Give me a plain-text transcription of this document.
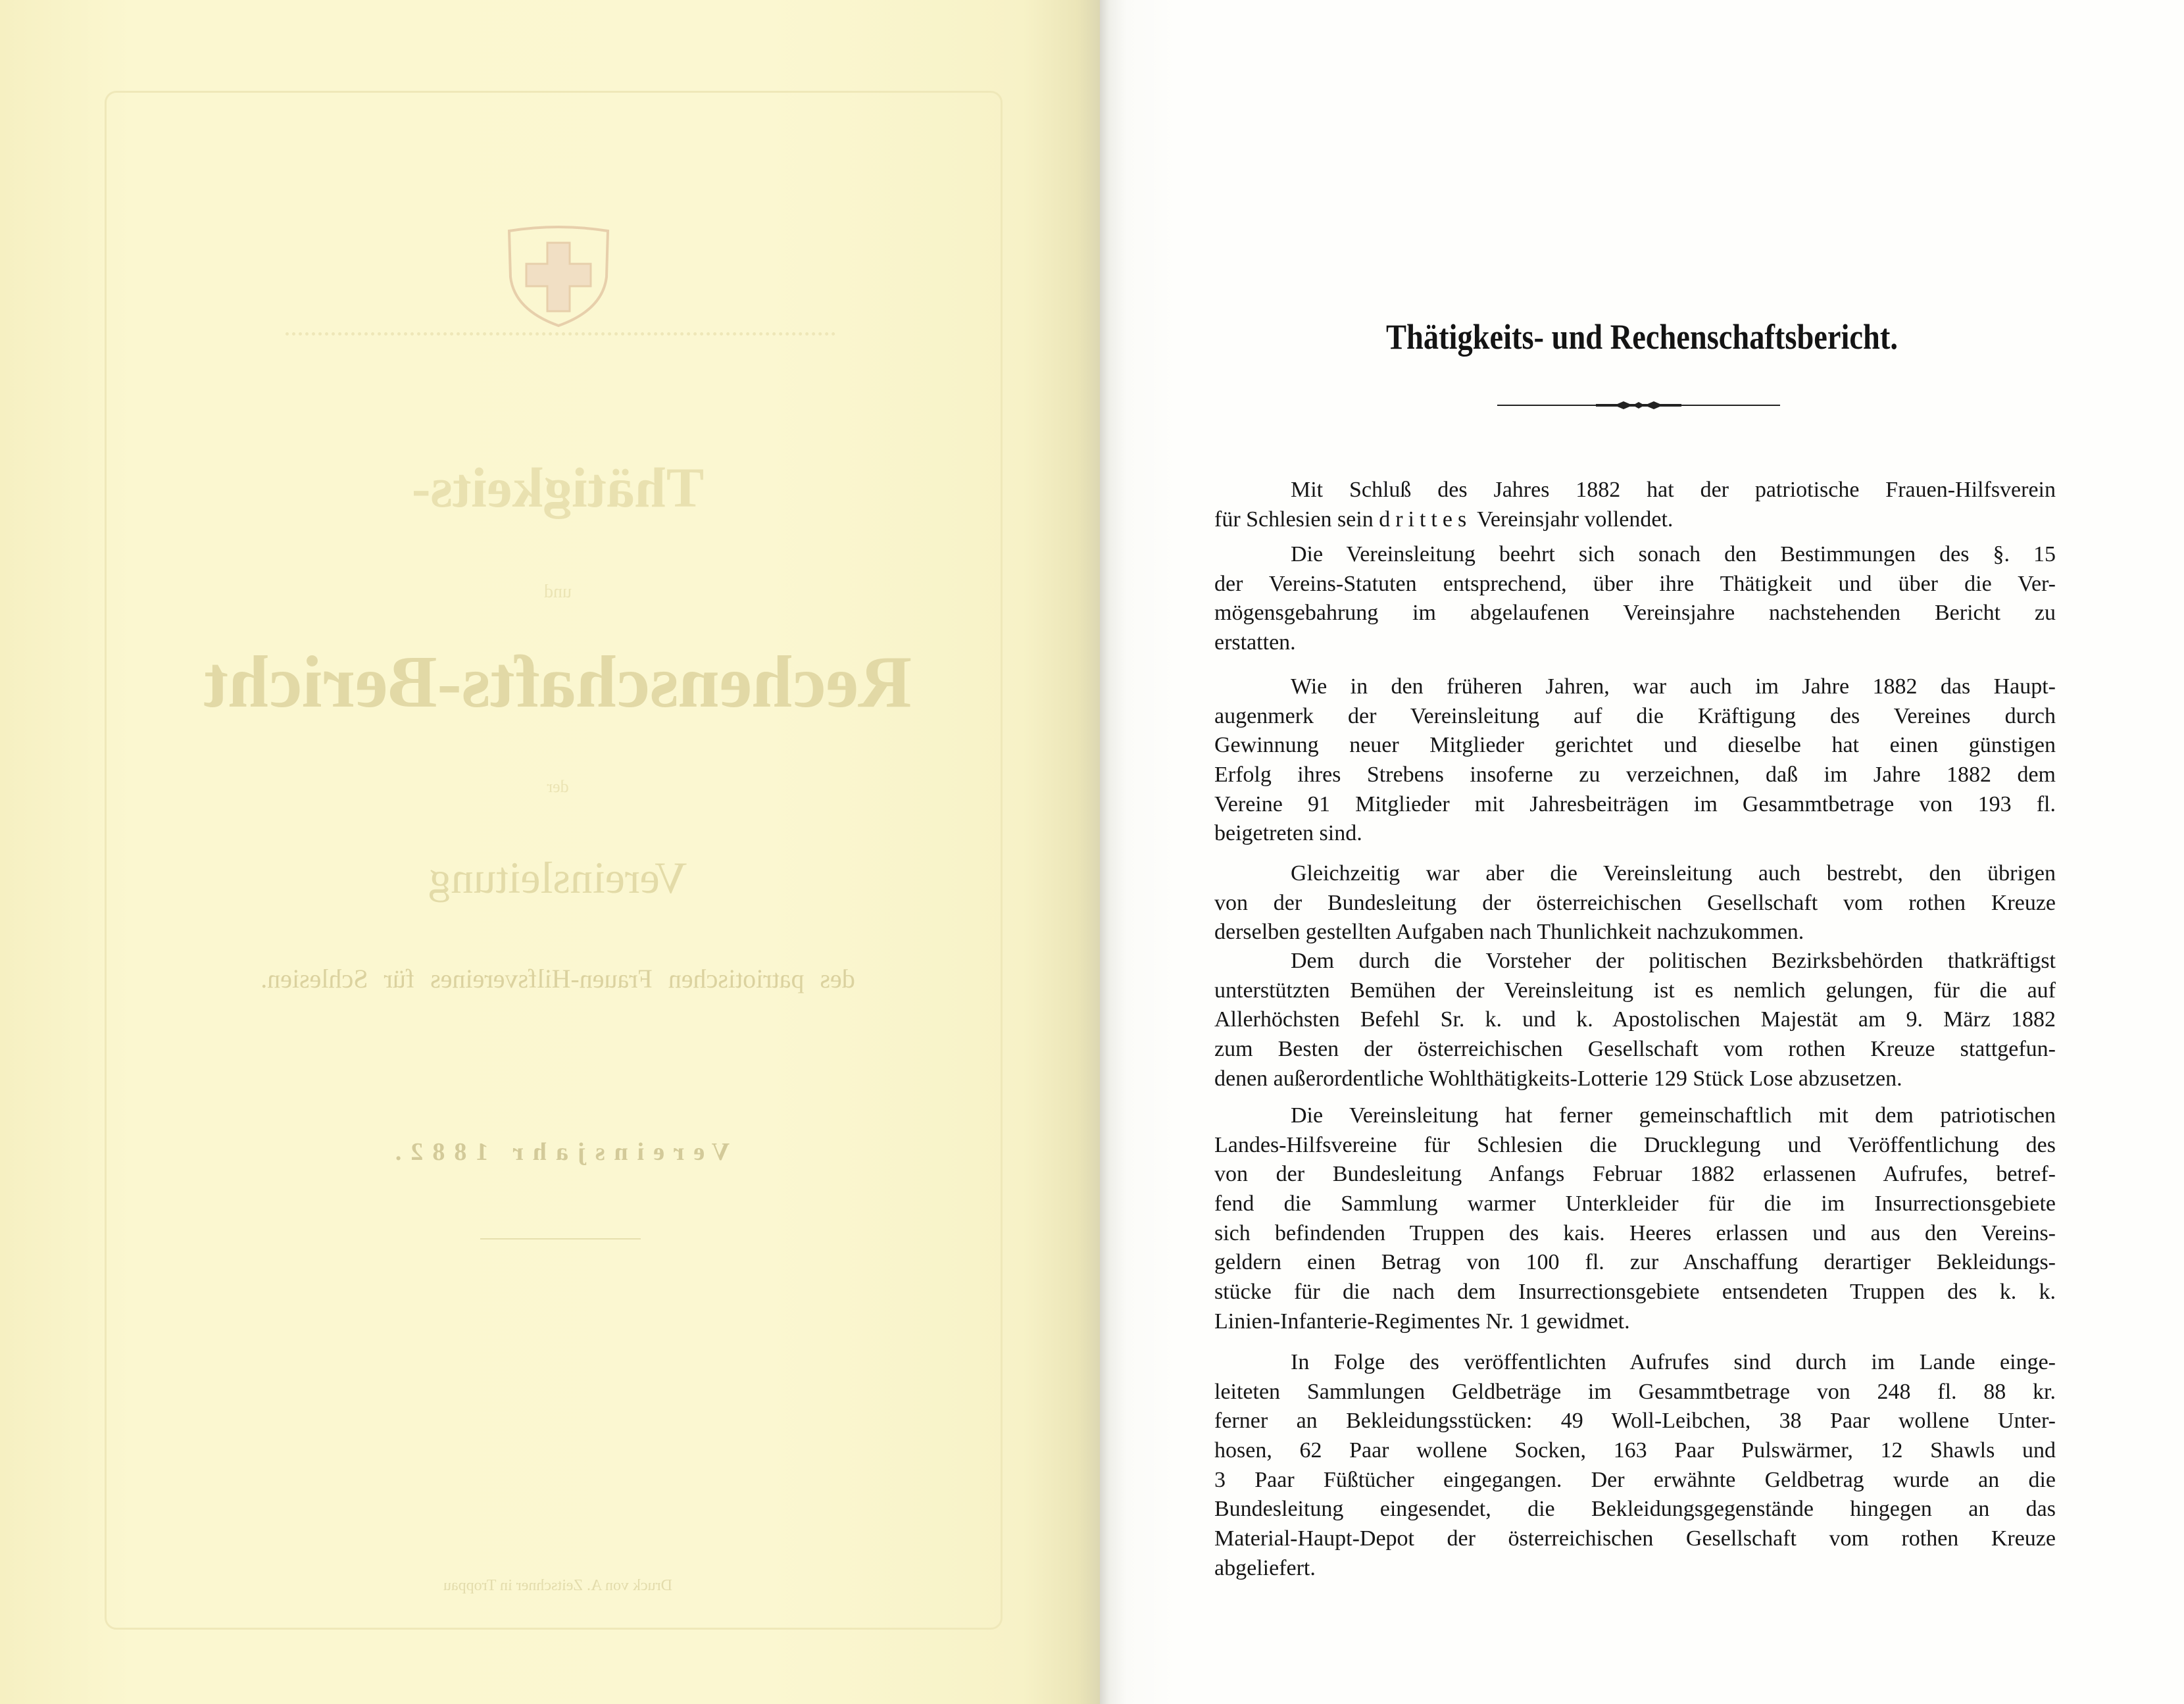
Thätigkeits-
und
Rechenschafts-Bericht
der
Vereinsleitung
des patriotischen Frauen-Hilfsvereines für Schlesien.
Vereinsjahr 1882.
Druck von A. Zeitschner in Troppau
Thätigkeits- und Rechenschaftsbericht.
Mit Schluß des Jahres 1882 hat der patriotische Frauen-Hilfsverein
für Schlesien sein drittes Vereinsjahr vollendet.
Die Vereinsleitung beehrt sich sonach den Bestimmungen des §. 15
der Vereins-Statuten entsprechend, über ihre Thätigkeit und über die Ver-
mögensgebahrung im abgelaufenen Vereinsjahre nachstehenden Bericht zu
erstatten.
Wie in den früheren Jahren, war auch im Jahre 1882 das Haupt-
augenmerk der Vereinsleitung auf die Kräftigung des Vereines durch
Gewinnung neuer Mitglieder gerichtet und dieselbe hat einen günstigen
Erfolg ihres Strebens insoferne zu verzeichnen, daß im Jahre 1882 dem
Vereine 91 Mitglieder mit Jahresbeiträgen im Gesammtbetrage von 193 fl.
beigetreten sind.
Gleichzeitig war aber die Vereinsleitung auch bestrebt, den übrigen
von der Bundesleitung der österreichischen Gesellschaft vom rothen Kreuze
derselben gestellten Aufgaben nach Thunlichkeit nachzukommen.
Dem durch die Vorsteher der politischen Bezirksbehörden thatkräftigst
unterstützten Bemühen der Vereinsleitung ist es nemlich gelungen, für die auf
Allerhöchsten Befehl Sr. k. und k. Apostolischen Majestät am 9. März 1882
zum Besten der österreichischen Gesellschaft vom rothen Kreuze stattgefun-
denen außerordentliche Wohlthätigkeits-Lotterie 129 Stück Lose abzusetzen.
Die Vereinsleitung hat ferner gemeinschaftlich mit dem patriotischen
Landes-Hilfsvereine für Schlesien die Drucklegung und Veröffentlichung des
von der Bundesleitung Anfangs Februar 1882 erlassenen Aufrufes, betref-
fend die Sammlung warmer Unterkleider für die im Insurrectionsgebiete
sich befindenden Truppen des kais. Heeres erlassen und aus den Vereins-
geldern einen Betrag von 100 fl. zur Anschaffung derartiger Bekleidungs-
stücke für die nach dem Insurrectionsgebiete entsendeten Truppen des k. k.
Linien-Infanterie-Regimentes Nr. 1 gewidmet.
In Folge des veröffentlichten Aufrufes sind durch im Lande einge-
leiteten Sammlungen Geldbeträge im Gesammtbetrage von 248 fl. 88 kr.
ferner an Bekleidungsstücken: 49 Woll-Leibchen, 38 Paar wollene Unter-
hosen, 62 Paar wollene Socken, 163 Paar Pulswärmer, 12 Shawls und
3 Paar Füßtücher eingegangen. Der erwähnte Geldbetrag wurde an die
Bundesleitung eingesendet, die Bekleidungsgegenstände hingegen an das
Material-Haupt-Depot der österreichischen Gesellschaft vom rothen Kreuze
abgeliefert.
